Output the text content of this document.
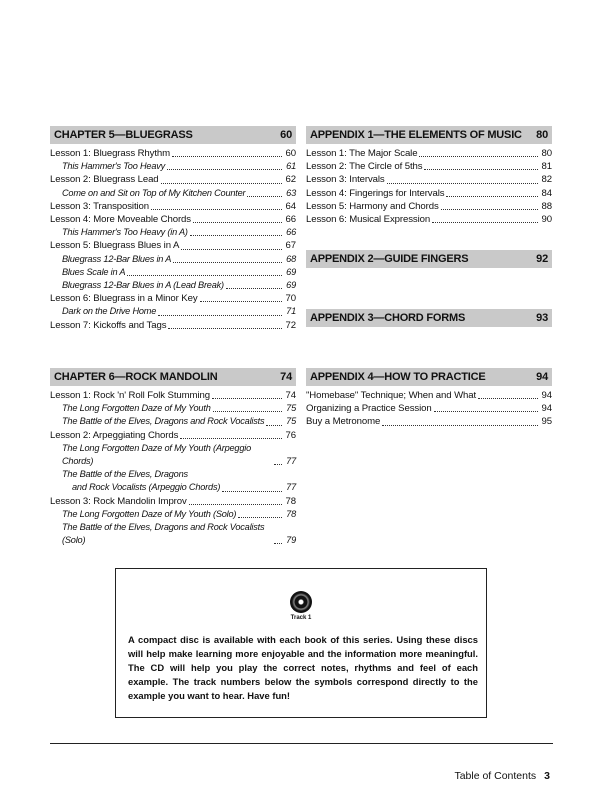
CHAPTER 5—BLUEGRASS	60
Lesson 1: Bluegrass Rhythm	60
This Hammer's Too Heavy	61
Lesson 2: Bluegrass Lead	62
Come on and Sit on Top of My Kitchen Counter	63
Lesson 3: Transposition	64
Lesson 4: More Moveable Chords	66
This Hammer's Too Heavy (in A)	66
Lesson 5: Bluegrass Blues in A	67
Bluegrass 12-Bar Blues in A	68
Blues Scale in A	69
Bluegrass 12-Bar Blues in A (Lead Break)	69
Lesson 6: Bluegrass in a Minor Key	70
Dark on the Drive Home	71
Lesson 7: Kickoffs and Tags	72
CHAPTER 6—ROCK MANDOLIN	74
Lesson 1: Rock 'n' Roll Folk Stumming	74
The Long Forgotten Daze of My Youth	75
The Battle of the Elves, Dragons and Rock Vocalists 75
Lesson 2: Arpeggiating Chords	76
The Long Forgotten Daze of My Youth (Arpeggio Chords)	77
The Battle of the Elves, Dragons
and Rock Vocalists (Arpeggio Chords)	77
Lesson 3: Rock Mandolin Improv	78
The Long Forgotten Daze of My Youth (Solo)	78
The Battle of the Elves, Dragons and Rock Vocalists (Solo)	79
APPENDIX 1—THE ELEMENTS OF MUSIC 80
Lesson 1: The Major Scale	80
Lesson 2: The Circle of 5ths	81
Lesson 3: Intervals	82
Lesson 4: Fingerings for Intervals	84
Lesson 5: Harmony and Chords	88
Lesson 6: Musical Expression	90
APPENDIX 2—GUIDE FINGERS	92
APPENDIX 3—CHORD FORMS	93
APPENDIX 4—HOW TO PRACTICE	94
"Homebase" Technique; When and What	94
Organizing a Practice Session	94
Buy a Metronome	95
Track 1
A compact disc is available with each book of this series. Using these discs will help make learning more enjoyable and the information more meaningful. The CD will help you play the correct notes, rhythms and feel of each example. The track numbers below the symbols correspond directly to the example you want to hear. Have fun!
Table of Contents 3
